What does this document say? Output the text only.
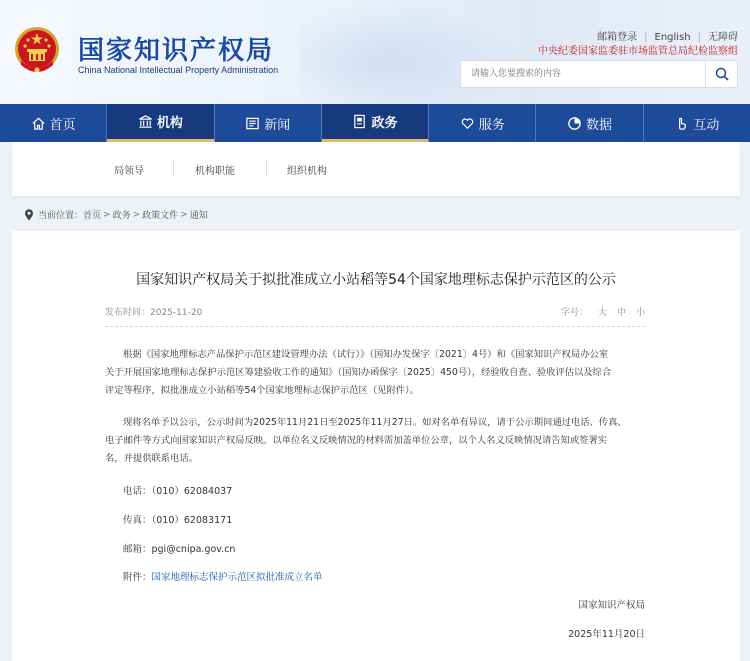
国家知识产权局
China National Intellectual Property Administration
邮箱登录 | English | 无障碍
中央纪委国家监委驻市场监管总局纪检监察组
请输入您要搜索的内容
首页	机构	新闻	政务	服务	数据	互动
局领导	机构职能	组织机构
当前位置： 首页 > 政务 > 政策文件 > 通知
国家知识产权局关于拟批准成立小站稻等54个国家地理标志保护示范区的公示
发布时间：2025-11-20	字号： 大 中 小
根据《国家地理标志产品保护示范区建设管理办法（试行）》（国知办发保字〔2021〕4号）和《国家知识产权局办公室
关于开展国家地理标志保护示范区筹建验收工作的通知》（国知办函保字〔2025〕450号），经验收自查、验收评估以及综合
评定等程序，拟批准成立小站稻等54个国家地理标志保护示范区（见附件）。
现将名单予以公示，公示时间为2025年11月21日至2025年11月27日。如对名单有异议，请于公示期间通过电话、传真、
电子邮件等方式向国家知识产权局反映。以单位名义反映情况的材料需加盖单位公章，以个人名义反映情况请告知或签署实
名，并提供联系电话。
电话：（010）62084037
传真：（010）62083171
邮箱：pgi@cnipa.gov.cn
附件：国家地理标志保护示范区拟批准成立名单
国家知识产权局
2025年11月20日
